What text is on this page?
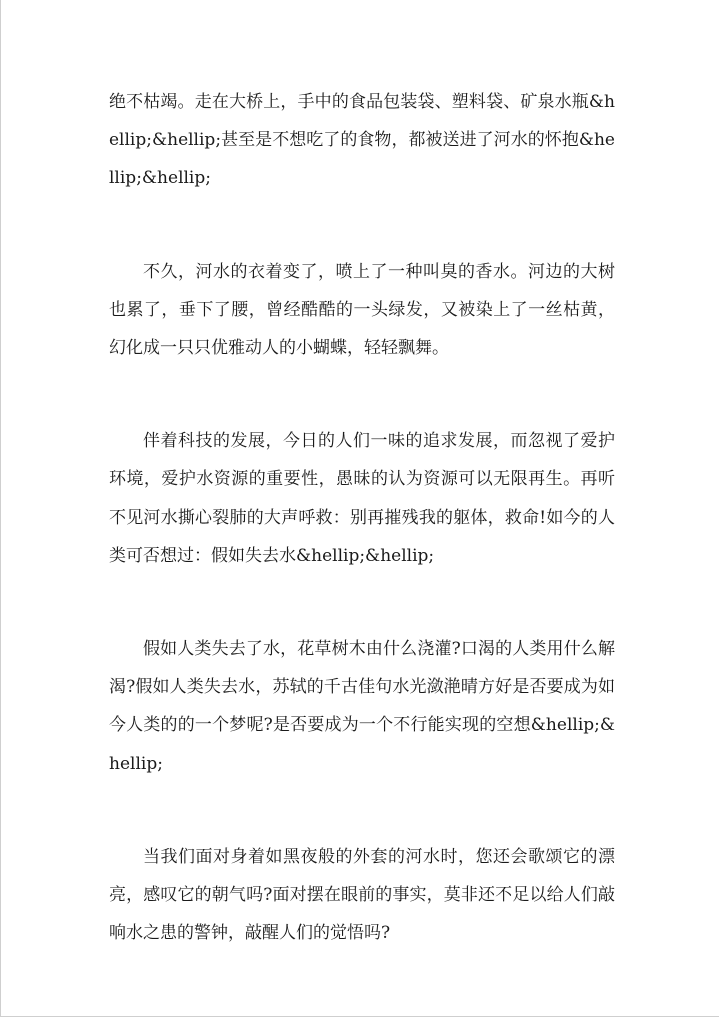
绝不枯竭。走在大桥上，手中的食品包装袋、塑料袋、矿泉水瓶&hellip;&hellip;甚至是不想吃了的食物，都被送进了河水的怀抱&hellip;&hellip;

不久，河水的衣着变了，喷上了一种叫臭的香水。河边的大树也累了，垂下了腰，曾经酷酷的一头绿发，又被染上了一丝枯黄，幻化成一只只优雅动人的小蝴蝶，轻轻飘舞。

伴着科技的发展，今日的人们一味的追求发展，而忽视了爱护环境，爱护水资源的重要性，愚昧的认为资源可以无限再生。再听不见河水撕心裂肺的大声呼救：别再摧残我的躯体，救命!如今的人类可否想过：假如失去水&hellip;&hellip;

假如人类失去了水，花草树木由什么浇灌?口渴的人类用什么解渴?假如人类失去水，苏轼的千古佳句水光潋滟晴方好是否要成为如今人类的的一个梦呢?是否要成为一个不行能实现的空想&hellip;&hellip;

当我们面对身着如黑夜般的外套的河水时，您还会歌颂它的漂亮，感叹它的朝气吗?面对摆在眼前的事实，莫非还不足以给人们敲响水之患的警钟，敲醒人们的觉悟吗?
